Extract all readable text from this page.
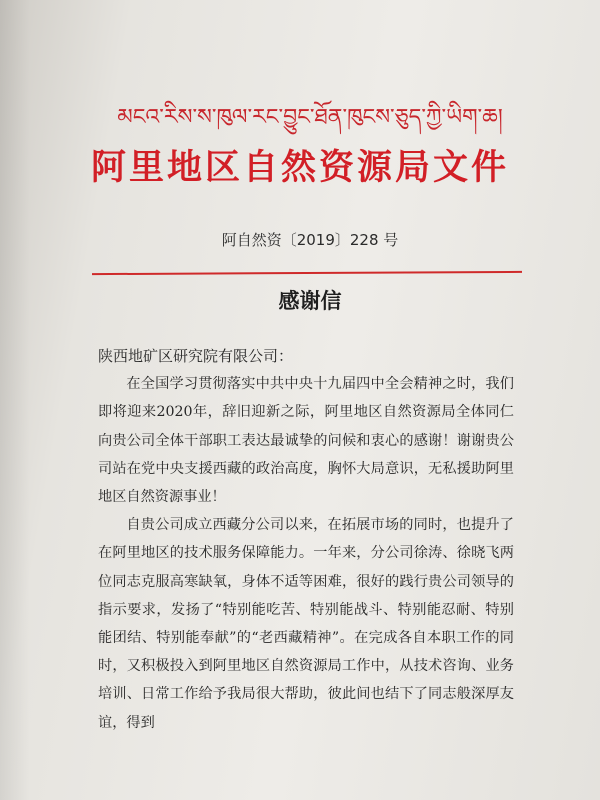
མངའ་རིས་ས་ཁུལ་རང་བྱུང་ཐོན་ཁུངས་ཅུད་ཀྱི་ཡིག་ཆ།
阿里地区自然资源局文件
阿自然资〔2019〕228 号
感谢信

陕西地矿区研究院有限公司：

在全国学习贯彻落实中共中央十九届四中全会精神之时，我们即将迎来2020年，辞旧迎新之际，阿里地区自然资源局全体同仁向贵公司全体干部职工表达最诚挚的问候和衷心的感谢！谢谢贵公司站在党中央支援西藏的政治高度，胸怀大局意识，无私援助阿里地区自然资源事业！

自贵公司成立西藏分公司以来，在拓展市场的同时，也提升了在阿里地区的技术服务保障能力。一年来，分公司徐涛、徐晓飞两位同志克服高寒缺氧，身体不适等困难，很好的践行贵公司领导的指示要求，发扬了“特别能吃苦、特别能战斗、特别能忍耐、特别能团结、特别能奉献”的“老西藏精神”。在完成各自本职工作的同时，又积极投入到阿里地区自然资源局工作中，从技术咨询、业务培训、日常工作给予我局很大帮助，彼此间也结下了同志般深厚友谊，得到
